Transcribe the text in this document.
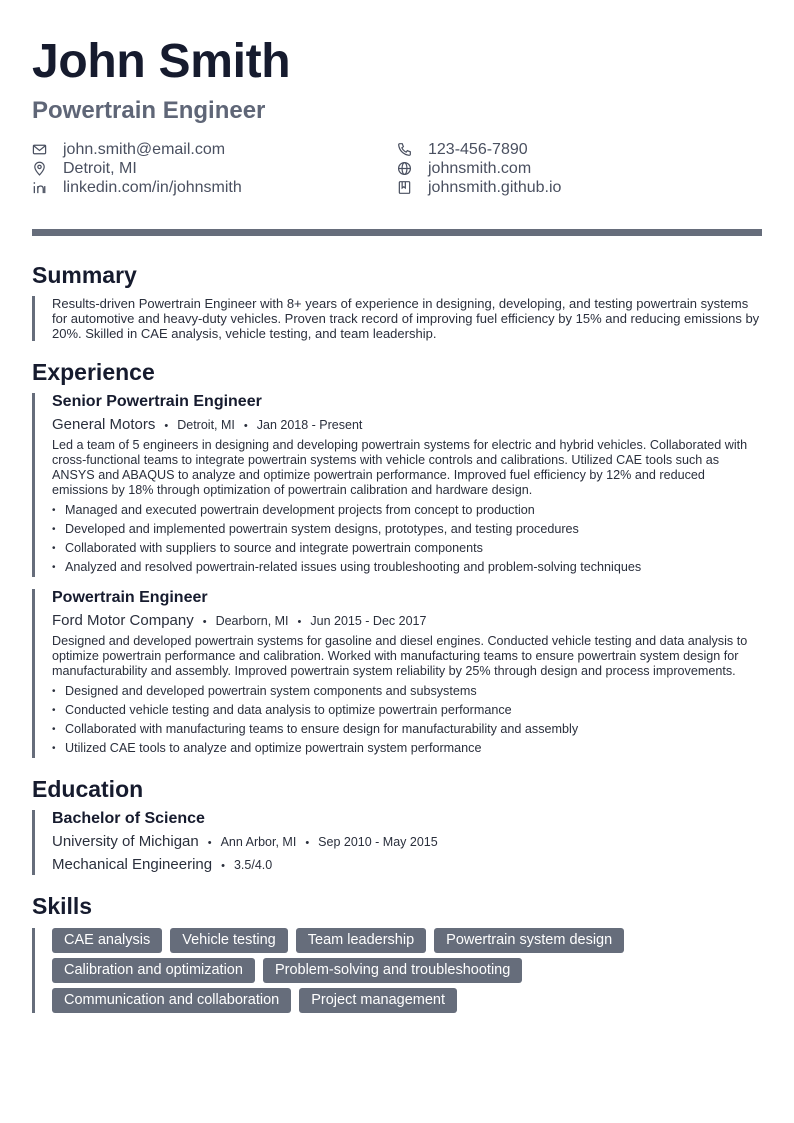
John Smith
Powertrain Engineer
john.smith@email.com	123-456-7890
Detroit, MI	johnsmith.com
linkedin.com/in/johnsmith	johnsmith.github.io
Summary
Results-driven Powertrain Engineer with 8+ years of experience in designing, developing, and testing powertrain systems for automotive and heavy-duty vehicles. Proven track record of improving fuel efficiency by 15% and reducing emissions by 20%. Skilled in CAE analysis, vehicle testing, and team leadership.
Experience
Senior Powertrain Engineer
General Motors • Detroit, MI • Jan 2018 - Present
Led a team of 5 engineers in designing and developing powertrain systems for electric and hybrid vehicles. Collaborated with cross-functional teams to integrate powertrain systems with vehicle controls and calibrations. Utilized CAE tools such as ANSYS and ABAQUS to analyze and optimize powertrain performance. Improved fuel efficiency by 12% and reduced emissions by 18% through optimization of powertrain calibration and hardware design.
• Managed and executed powertrain development projects from concept to production
• Developed and implemented powertrain system designs, prototypes, and testing procedures
• Collaborated with suppliers to source and integrate powertrain components
• Analyzed and resolved powertrain-related issues using troubleshooting and problem-solving techniques
Powertrain Engineer
Ford Motor Company • Dearborn, MI • Jun 2015 - Dec 2017
Designed and developed powertrain systems for gasoline and diesel engines. Conducted vehicle testing and data analysis to optimize powertrain performance and calibration. Worked with manufacturing teams to ensure powertrain system design for manufacturability and assembly. Improved powertrain system reliability by 25% through design and process improvements.
• Designed and developed powertrain system components and subsystems
• Conducted vehicle testing and data analysis to optimize powertrain performance
• Collaborated with manufacturing teams to ensure design for manufacturability and assembly
• Utilized CAE tools to analyze and optimize powertrain system performance
Education
Bachelor of Science
University of Michigan • Ann Arbor, MI • Sep 2010 - May 2015
Mechanical Engineering • 3.5/4.0
Skills
CAE analysis	Vehicle testing	Team leadership	Powertrain system design
Calibration and optimization	Problem-solving and troubleshooting
Communication and collaboration	Project management
